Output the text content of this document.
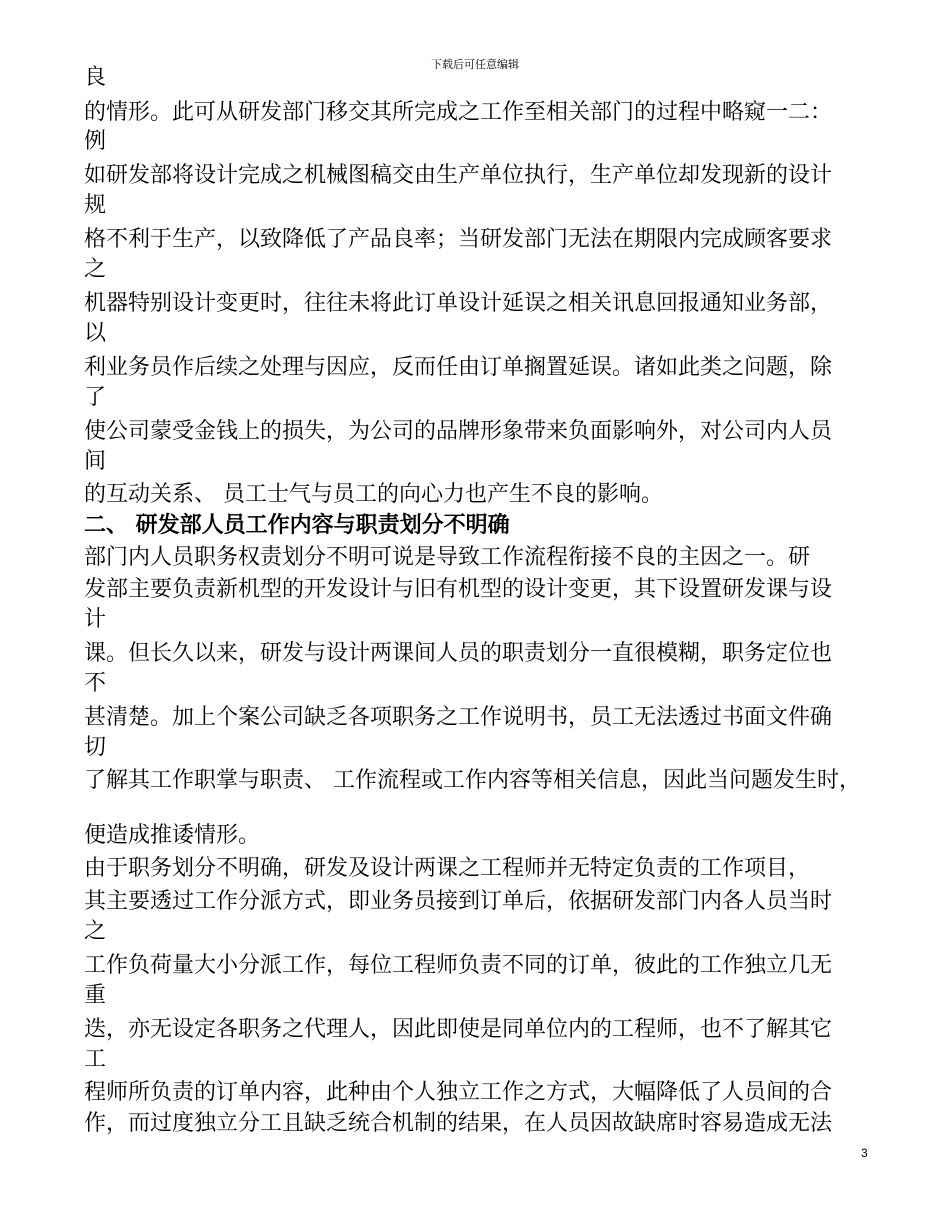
下载后可任意编辑
良
的情形。此可从研发部门移交其所完成之工作至相关部门的过程中略窥一二：
例
如研发部将设计完成之机械图稿交由生产单位执行，生产单位却发现新的设计
规
格不利于生产，以致降低了产品良率；当研发部门无法在期限内完成顾客要求
之
机器特别设计变更时，往往未将此订单设计延误之相关讯息回报通知业务部，
以
利业务员作后续之处理与因应，反而任由订单搁置延误。诸如此类之问题，除
了
使公司蒙受金钱上的损失，为公司的品牌形象带来负面影响外，对公司内人员
间
的互动关系、 员工士气与员工的向心力也产生不良的影响。
二、 研发部人员工作内容与职责划分不明确
部门内人员职务权责划分不明可说是导致工作流程衔接不良的主因之一。研
发部主要负责新机型的开发设计与旧有机型的设计变更，其下设置研发课与设
计
课。但长久以来，研发与设计两课间人员的职责划分一直很模糊，职务定位也
不
甚清楚。加上个案公司缺乏各项职务之工作说明书，员工无法透过书面文件确
切
了解其工作职掌与职责、 工作流程或工作内容等相关信息，因此当问题发生时，
便造成推诿情形。
由于职务划分不明确，研发及设计两课之工程师并无特定负责的工作项目，
其主要透过工作分派方式，即业务员接到订单后，依据研发部门内各人员当时
之
工作负荷量大小分派工作，每位工程师负责不同的订单，彼此的工作独立几无
重
迭，亦无设定各职务之代理人，因此即使是同单位内的工程师，也不了解其它
工
程师所负责的订单内容，此种由个人独立工作之方式，大幅降低了人员间的合
作，而过度独立分工且缺乏统合机制的结果，在人员因故缺席时容易造成无法
3
